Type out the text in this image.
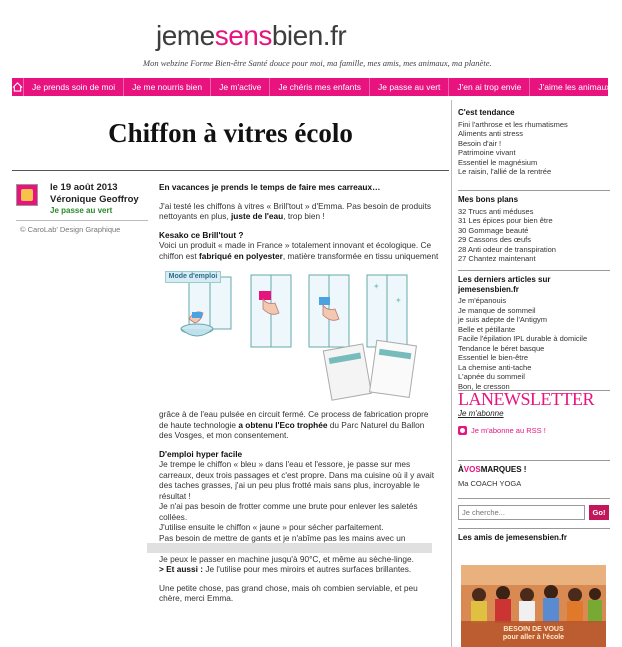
jemesensbien.fr
Mon webzine Forme Bien-être Santé douce pour moi, ma famille, mes amis, mes animaux, ma planète.
Je prends soin de moi	Je me nourris bien	Je m'active	Je chéris mes enfants	Je passe au vert	J'en ai trop envie	J'aime les animaux
Chiffon à vitres écolo
le 19 août 2013
Véronique Geoffroy
Je passe au vert
© CaroLab' Design Graphique

En vacances je prends le temps de faire mes carreaux…

J'ai testé les chiffons à vitres « Brill'tout » d'Emma. Pas besoin de produits nettoyants en plus, juste de l'eau, trop bien !

Kesako ce Brill'tout ?
Voici un produit « made in France » totalement innovant et écologique. Ce chiffon est fabriqué en polyester, matière transformée en tissu uniquement

✦
✦
Mode d'emploi

grâce à de l'eau pulsée en circuit fermé. Ce process de fabrication propre de haute technologie a obtenu l'Eco trophée du Parc Naturel du Ballon des Vosges, et mon consentement.

D'emploi hyper facile
Je trempe le chiffon « bleu » dans l'eau et l'essore, je passe sur mes carreaux, deux trois passages et c'est propre. Dans ma cuisine où il y avait des taches grasses, j'ai un peu plus frotté mais sans plus, incroyable le résultat !
Je n'ai pas besoin de frotter comme une brute pour enlever les saletés collées.
J'utilise ensuite le chiffon « jaune » pour sécher parfaitement.
Pas besoin de mettre de gants et je n'abîme pas les mains avec un
Je peux le passer en machine jusqu'à 90°C, et même au sèche-linge.
> Et aussi : Je l'utilise pour mes miroirs et autres surfaces brillantes.

Une petite chose, pas grand chose, mais oh combien serviable, et peu chère, merci Emma.

C'est tendance
Fini l'arthrose et les rhumatismes
Aliments anti stress
Besoin d'air !
Patrimoine vivant
Essentiel le magnésium
Le raisin, l'allié de la rentrée
Mes bons plans
32 Trucs anti méduses
31 Les épices pour bien être
30 Gommage beauté
29 Cassons des œufs
28 Anti odeur de transpiration
27 Chantez maintenant
Les derniers articles sur jemesensbien.fr
Je m'épanouis
Je manque de sommeil
je suis adepte de l'Antigym
Belle et pétillante
Facile l'épilation IPL durable à domicile
Tendance le béret basque
Essentiel le bien-être
La chemise anti-tache
L'apnée du sommeil
Bon, le cresson
LANEWSLETTER
Je m'abonne
Je m'abonne au RSS !
ÀVOSMARQUES !
Ma COACH YOGA
Je cherche...
Go!
Les amis de jemesensbien.fr
BESOIN DE VOUS
pour aller à l'école
